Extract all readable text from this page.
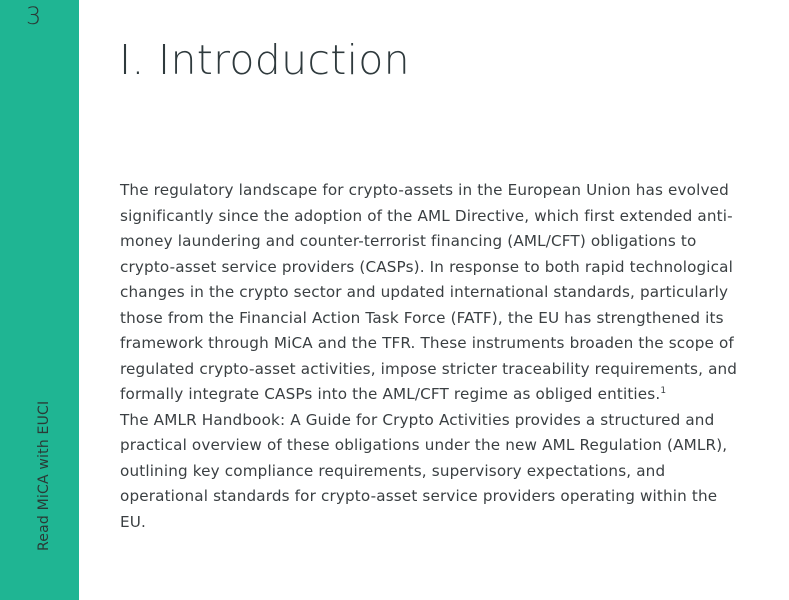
3
Read MiCA with EUCI
I. Introduction

The regulatory landscape for crypto-assets in the European Union has evolved significantly since the adoption of the AML Directive, which first extended anti-money laundering and counter-terrorist financing (AML/CFT) obligations to crypto-asset service providers (CASPs). In response to both rapid technological changes in the crypto sector and updated international standards, particularly those from the Financial Action Task Force (FATF), the EU has strengthened its framework through MiCA and the TFR. These instruments broaden the scope of regulated crypto-asset activities, impose stricter traceability requirements, and formally integrate CASPs into the AML/CFT regime as obliged entities.$^1$

The AMLR Handbook: A Guide for Crypto Activities provides a structured and practical overview of these obligations under the new AML Regulation (AMLR), outlining key compliance requirements, supervisory expectations, and operational standards for crypto-asset service providers operating within the EU.
